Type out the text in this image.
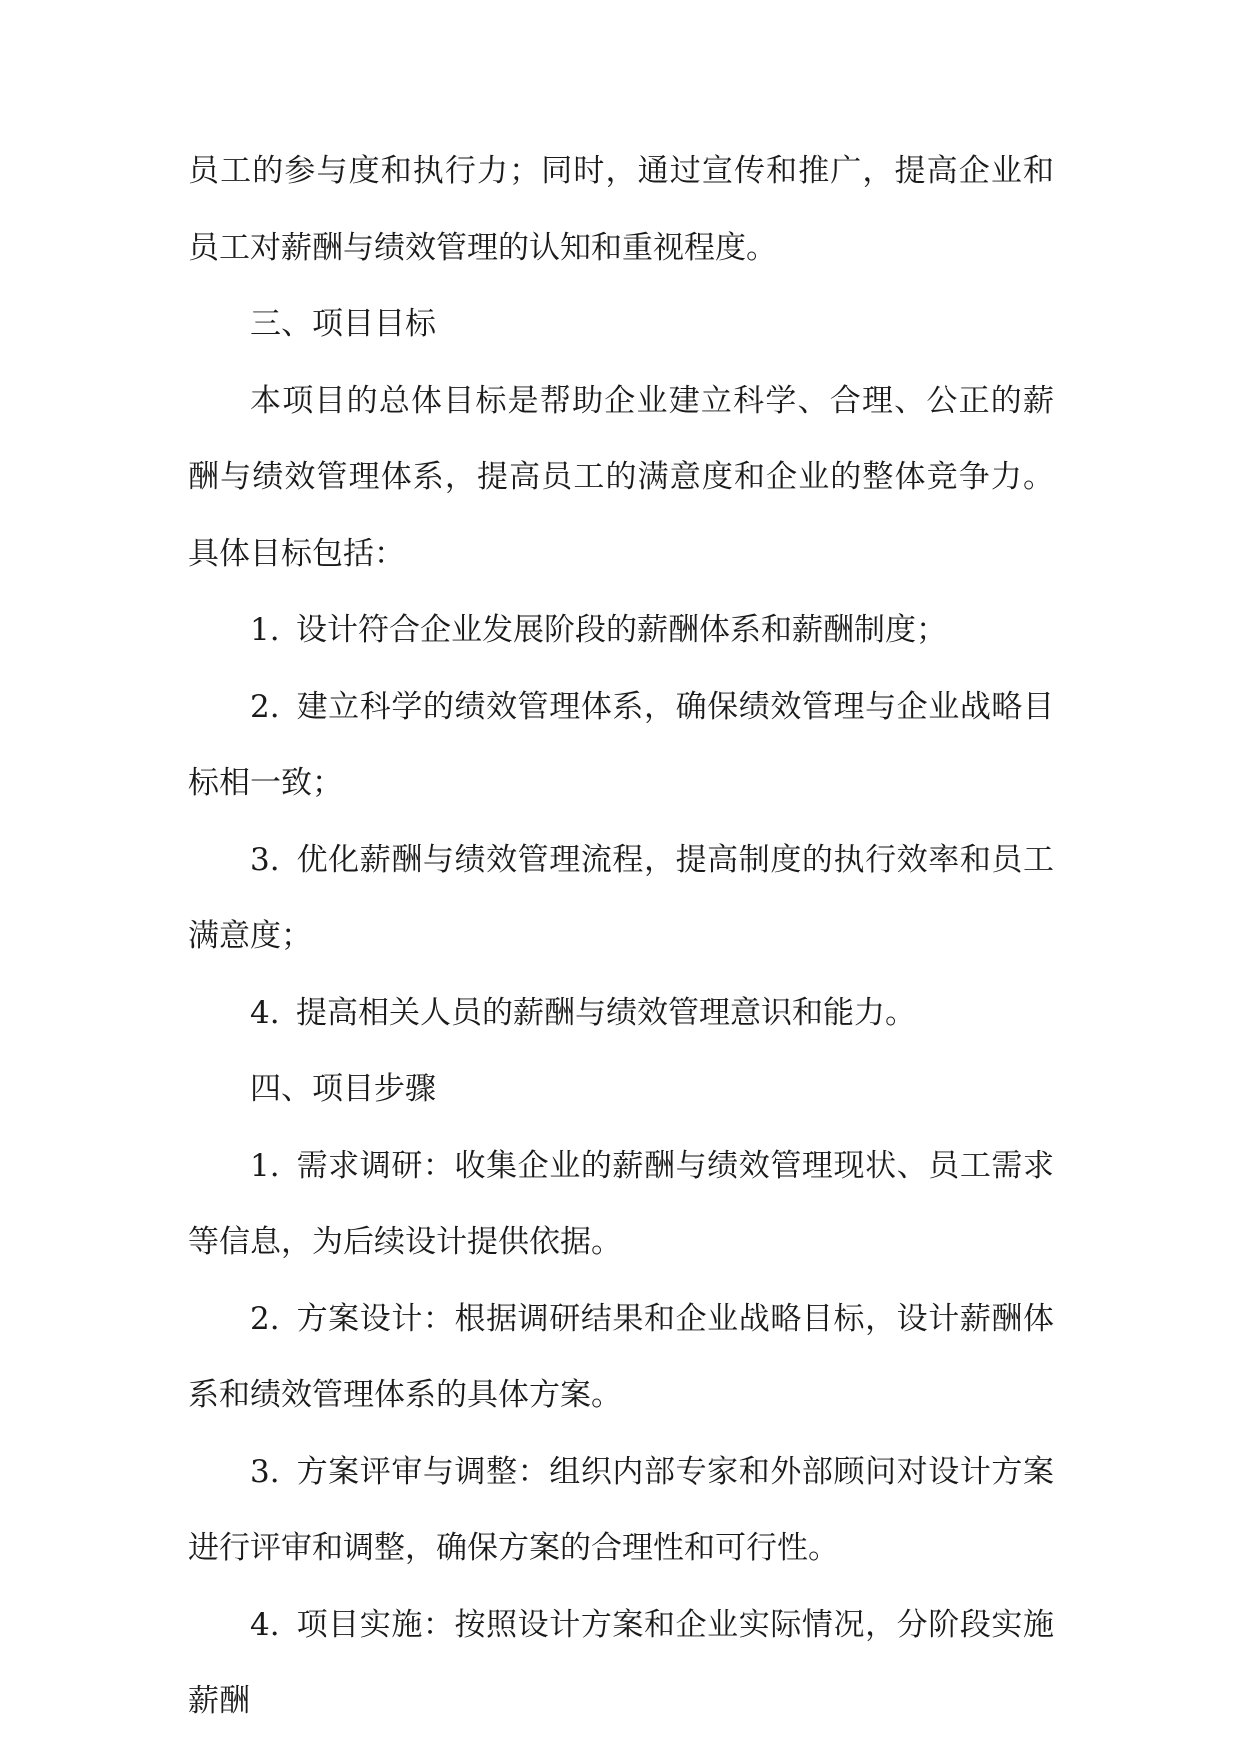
员工的参与度和执行力；同时，通过宣传和推广，提高企业和员工对薪酬与绩效管理的认知和重视程度。

三、项目目标

本项目的总体目标是帮助企业建立科学、合理、公正的薪酬与绩效管理体系，提高员工的满意度和企业的整体竞争力。具体目标包括：

1. 设计符合企业发展阶段的薪酬体系和薪酬制度；

2. 建立科学的绩效管理体系，确保绩效管理与企业战略目标相一致；

3. 优化薪酬与绩效管理流程，提高制度的执行效率和员工满意度；

4. 提高相关人员的薪酬与绩效管理意识和能力。

四、项目步骤

1. 需求调研：收集企业的薪酬与绩效管理现状、员工需求等信息，为后续设计提供依据。

2. 方案设计：根据调研结果和企业战略目标，设计薪酬体系和绩效管理体系的具体方案。

3. 方案评审与调整：组织内部专家和外部顾问对设计方案进行评审和调整，确保方案的合理性和可行性。

4. 项目实施：按照设计方案和企业实际情况，分阶段实施薪酬
